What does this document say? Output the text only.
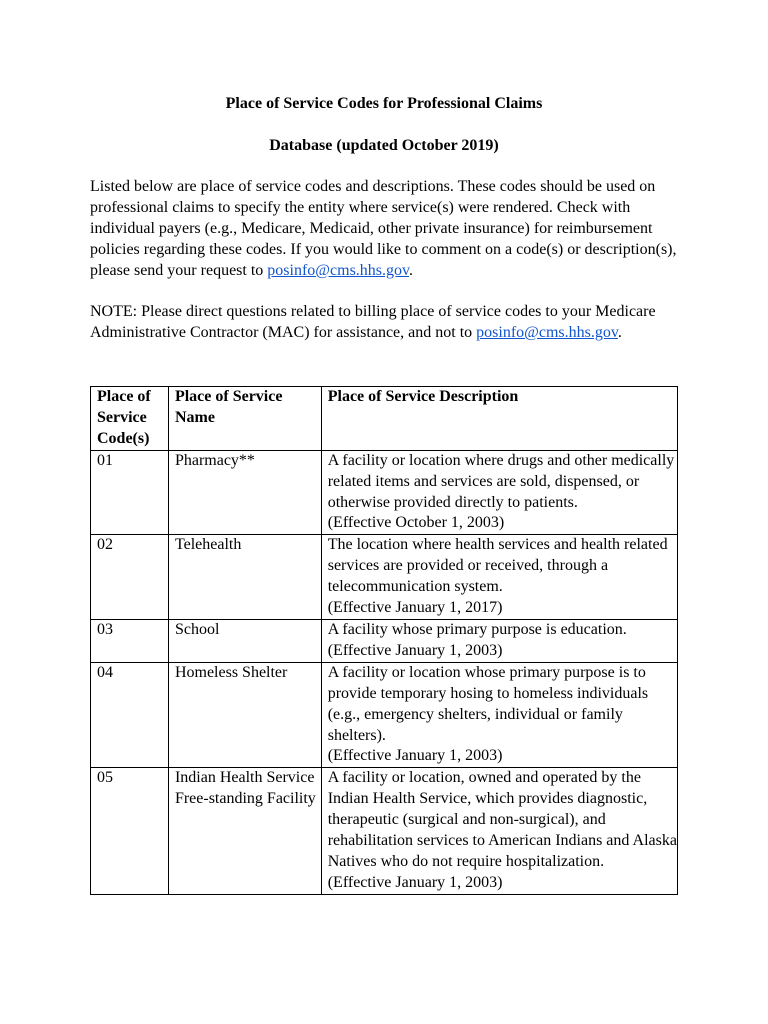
Place of Service Codes for Professional Claims
Database (updated October 2019)

Listed below are place of service codes and descriptions. These codes should be used on professional claims to specify the entity where service(s) were rendered. Check with individual payers (e.g., Medicare, Medicaid, other private insurance) for reimbursement policies regarding these codes. If you would like to comment on a code(s) or description(s), please send your request to posinfo@cms.hhs.gov.

NOTE: Please direct questions related to billing place of service codes to your Medicare Administrative Contractor (MAC) for assistance, and not to posinfo@cms.hhs.gov.

Place of Service Code(s)	Place of Service Name	Place of Service Description
01	Pharmacy**	A facility or location where drugs and other medically related items and services are sold, dispensed, or otherwise provided directly to patients.
(Effective October 1, 2003)

02	Telehealth	The location where health services and health related services are provided or received, through a telecommunication system.
(Effective January 1, 2017)

03	School	A facility whose primary purpose is education.
(Effective January 1, 2003)

04	Homeless Shelter	A facility or location whose primary purpose is to provide temporary hosing to homeless individuals (e.g., emergency shelters, individual or family shelters).
(Effective January 1, 2003)

05	Indian Health Service Free-standing Facility	A facility or location, owned and operated by the Indian Health Service, which provides diagnostic, therapeutic (surgical and non-surgical), and rehabilitation services to American Indians and Alaska Natives who do not require hospitalization.
(Effective January 1, 2003)
